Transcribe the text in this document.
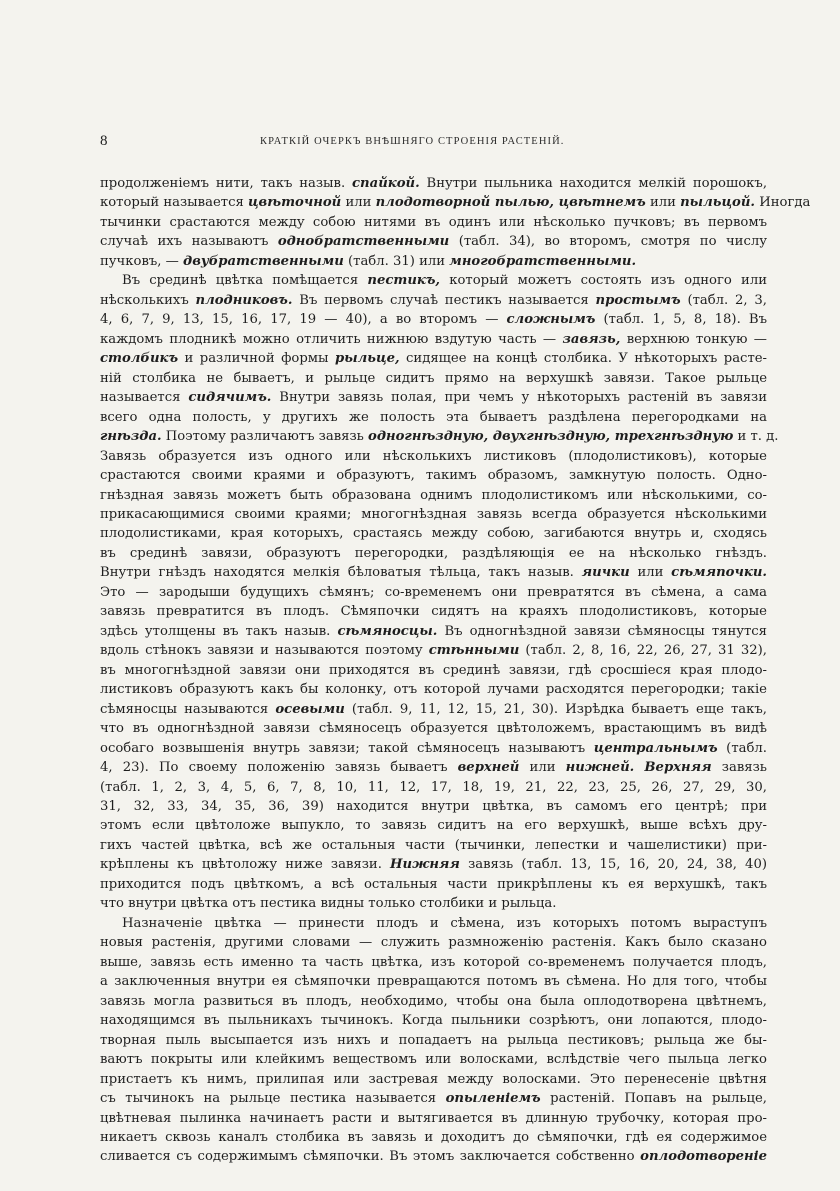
8	КРАТКІЙ ОЧЕРКЪ ВНѢШНЯГО СТРОЕНІЯ РАСТЕНІЙ.
продолженіемъ нити, такъ назыв. спайкой. Внутри пыльника находится мелкій порошокъ,
который называется цвѣточной или плодотворной пылью, цвѣтнемъ или пыльцой. Иногда
тычинки срастаются между собою нитями въ одинъ или нѣсколько пучковъ; въ первомъ
случаѣ ихъ называютъ однобратственными (табл. 34), во второмъ, смотря по числу
пучковъ, — двубратственными (табл. 31) или многобратственными.
Въ срединѣ цвѣтка помѣщается пестикъ, который можетъ состоять изъ одного или
нѣсколькихъ плодниковъ. Въ первомъ случаѣ пестикъ называется простымъ (табл. 2, 3,
4, 6, 7, 9, 13, 15, 16, 17, 19 — 40), а во второмъ — сложнымъ (табл. 1, 5, 8, 18). Въ
каждомъ плодникѣ можно отличить нижнюю вздутую часть — завязь, верхнюю тонкую —
столбикъ и различной формы рыльце, сидящее на концѣ столбика. У нѣкоторыхъ расте-
ній столбика не бываетъ, и рыльце сидитъ прямо на верхушкѣ завязи. Такое рыльце
называется сидячимъ. Внутри завязь полая, при чемъ у нѣкоторыхъ растеній въ завязи
всего одна полость, у другихъ же полость эта бываетъ раздѣлена перегородками на
гнѣзда. Поэтому различаютъ завязь одногнѣздную, двухгнѣздную, трехгнѣздную и т. д.
Завязь образуется изъ одного или нѣсколькихъ листиковъ (плодолистиковъ), которые
срастаются своими краями и образуютъ, такимъ образомъ, замкнутую полость. Одно-
гнѣздная завязь можетъ быть образована однимъ плодолистикомъ или нѣсколькими, со-
прикасающимися своими краями; многогнѣздная завязь всегда образуется нѣсколькими
плодолистиками, края которыхъ, срастаясь между собою, загибаются внутрь и, сходясь
въ срединѣ завязи, образуютъ перегородки, раздѣляющія ее на нѣсколько гнѣздъ.
Внутри гнѣздъ находятся мелкія бѣловатыя тѣльца, такъ назыв. яички или сѣмяпочки.
Это — зародыши будущихъ сѣмянъ; со-временемъ они превратятся въ сѣмена, а сама
завязь превратится въ плодъ. Сѣмяпочки сидятъ на краяхъ плодолистиковъ, которые
здѣсь утолщены въ такъ назыв. сѣмяносцы. Въ одногнѣздной завязи сѣмяносцы тянутся
вдоль стѣнокъ завязи и называются поэтому стѣнными (табл. 2, 8, 16, 22, 26, 27, 31 32),
въ многогнѣздной завязи они приходятся въ срединѣ завязи, гдѣ сросшіеся края плодо-
листиковъ образуютъ какъ бы колонку, отъ которой лучами расходятся перегородки; такіе
сѣмяносцы называются осевыми (табл. 9, 11, 12, 15, 21, 30). Изрѣдка бываетъ еще такъ,
что въ одногнѣздной завязи сѣмяносецъ образуется цвѣтоложемъ, врастающимъ въ видѣ
особаго возвышенія внутрь завязи; такой сѣмяносецъ называютъ центральнымъ (табл.
4, 23). По своему положенію завязь бываетъ верхней или нижней. Верхняя завязь
(табл. 1, 2, 3, 4, 5, 6, 7, 8, 10, 11, 12, 17, 18, 19, 21, 22, 23, 25, 26, 27, 29, 30,
31, 32, 33, 34, 35, 36, 39) находится внутри цвѣтка, въ самомъ его центрѣ; при
этомъ если цвѣтоложе выпукло, то завязь сидитъ на его верхушкѣ, выше всѣхъ дру-
гихъ частей цвѣтка, всѣ же остальныя части (тычинки, лепестки и чашелистики) при-
крѣплены къ цвѣтоложу ниже завязи. Нижняя завязь (табл. 13, 15, 16, 20, 24, 38, 40)
приходится подъ цвѣткомъ, а всѣ остальныя части прикрѣплены къ ея верхушкѣ, такъ
что внутри цвѣтка отъ пестика видны только столбики и рыльца.
Назначеніе цвѣтка — принести плодъ и сѣмена, изъ которыхъ потомъ выраступъ
новыя растенія, другими словами — служить размноженію растенія. Какъ было сказано
выше, завязь есть именно та часть цвѣтка, изъ которой со-временемъ получается плодъ,
а заключенныя внутри ея сѣмяпочки превращаются потомъ въ сѣмена. Но для того, чтобы
завязь могла развиться въ плодъ, необходимо, чтобы она была оплодотворена цвѣтнемъ,
находящимся въ пыльникахъ тычинокъ. Когда пыльники созрѣютъ, они лопаются, плодо-
творная пыль высыпается изъ нихъ и попадаетъ на рыльца пестиковъ; рыльца же бы-
ваютъ покрыты или клейкимъ веществомъ или волосками, вслѣдствіе чего пыльца легко
пристаетъ къ нимъ, прилипая или застревая между волосками. Это перенесеніе цвѣтня
съ тычинокъ на рыльце пестика называется опыленіемъ растеній. Попавъ на рыльце,
цвѣтневая пылинка начинаетъ расти и вытягивается въ длинную трубочку, которая про-
никаетъ сквозь каналъ столбика въ завязь и доходитъ до сѣмяпочки, гдѣ ея содержимое
сливается съ содержимымъ сѣмяпочки. Въ этомъ заключается собственно оплодотвореніе
